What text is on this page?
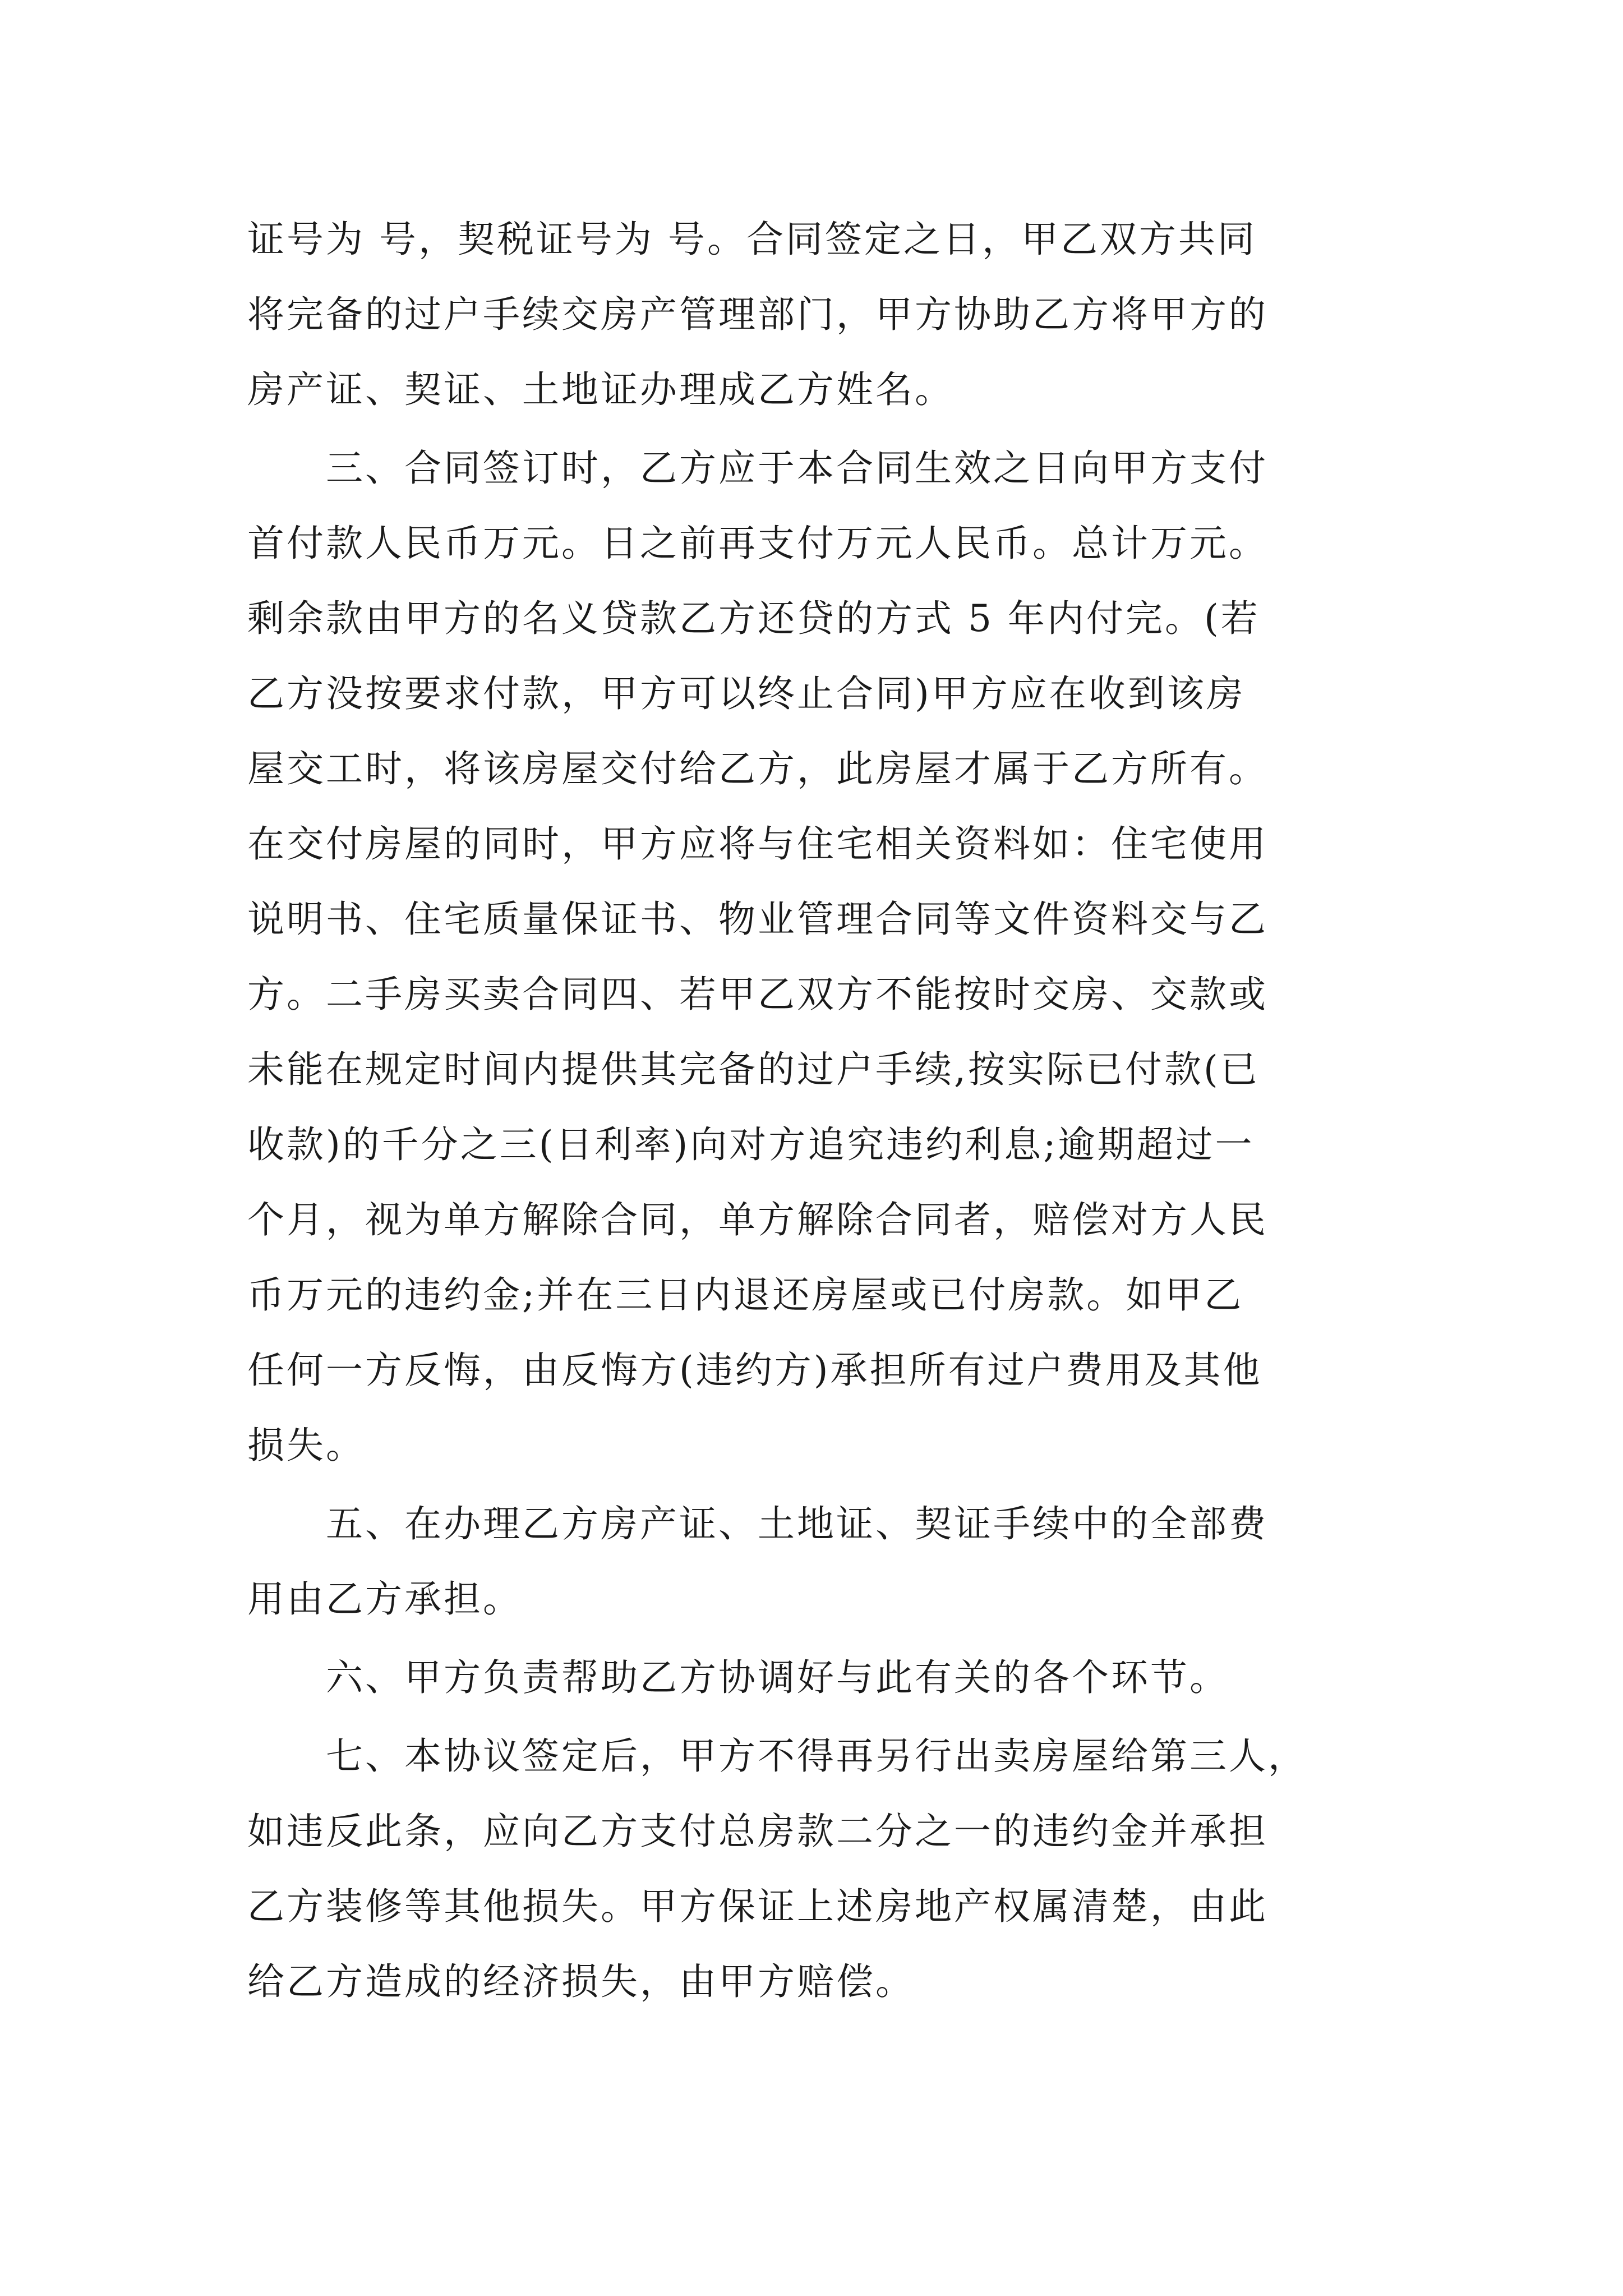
证号为 号，契税证号为 号。合同签定之日，甲乙双方共同
将完备的过户手续交房产管理部门，甲方协助乙方将甲方的
房产证、契证、土地证办理成乙方姓名。
三、合同签订时，乙方应于本合同生效之日向甲方支付
首付款人民币万元。日之前再支付万元人民币。总计万元。
剩余款由甲方的名义贷款乙方还贷的方式 5 年内付完。(若
乙方没按要求付款，甲方可以终止合同)甲方应在收到该房
屋交工时，将该房屋交付给乙方，此房屋才属于乙方所有。
在交付房屋的同时，甲方应将与住宅相关资料如：住宅使用
说明书、住宅质量保证书、物业管理合同等文件资料交与乙
方。二手房买卖合同四、若甲乙双方不能按时交房、交款或
未能在规定时间内提供其完备的过户手续,按实际已付款(已
收款)的千分之三(日利率)向对方追究违约利息;逾期超过一
个月，视为单方解除合同，单方解除合同者，赔偿对方人民
币万元的违约金;并在三日内退还房屋或已付房款。如甲乙
任何一方反悔，由反悔方(违约方)承担所有过户费用及其他
损失。
五、在办理乙方房产证、土地证、契证手续中的全部费
用由乙方承担。
六、甲方负责帮助乙方协调好与此有关的各个环节。
七、本协议签定后，甲方不得再另行出卖房屋给第三人，
如违反此条，应向乙方支付总房款二分之一的违约金并承担
乙方装修等其他损失。甲方保证上述房地产权属清楚，由此
给乙方造成的经济损失，由甲方赔偿。
